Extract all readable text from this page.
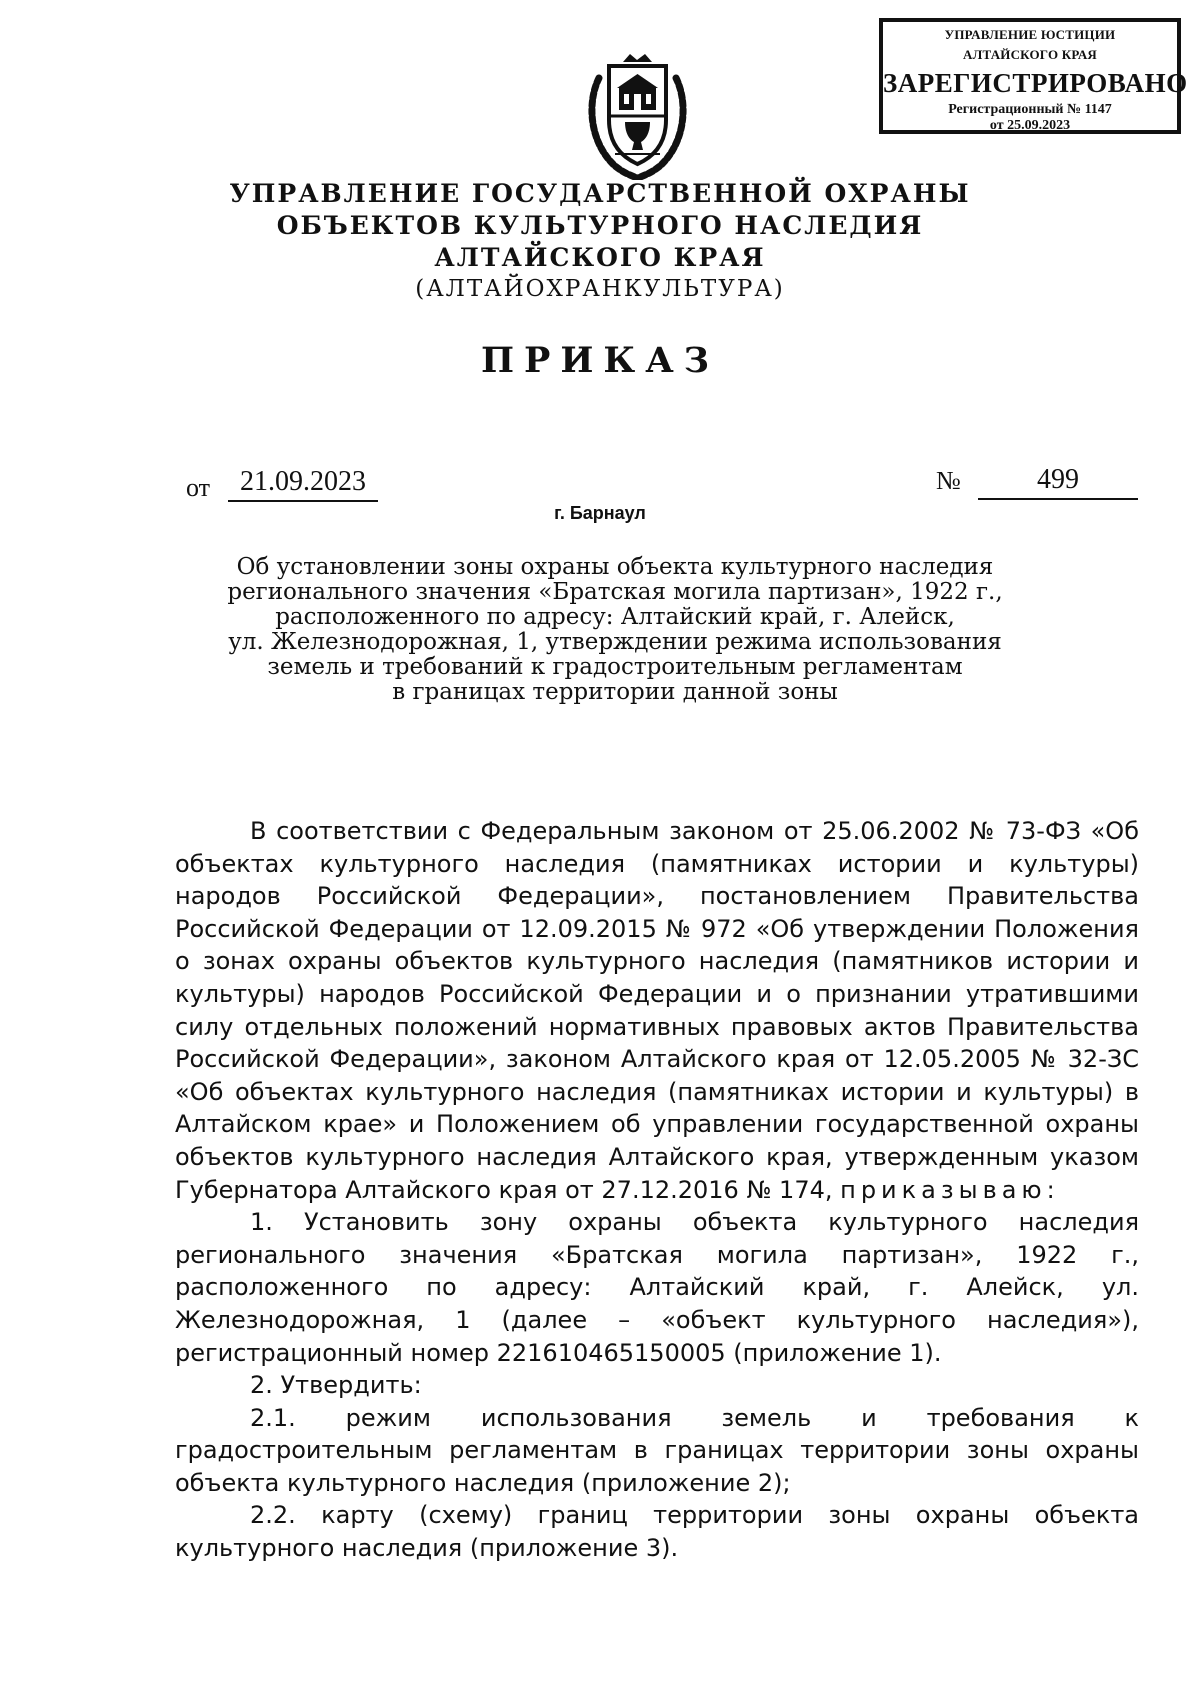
УПРАВЛЕНИЕ ЮСТИЦИИ
АЛТАЙСКОГО КРАЯ
ЗАРЕГИСТРИРОВАНО
Регистрационный № 1147
от 25.09.2023
УПРАВЛЕНИЕ ГОСУДАРСТВЕННОЙ ОХРАНЫ
ОБЪЕКТОВ КУЛЬТУРНОГО НАСЛЕДИЯ
АЛТАЙСКОГО КРАЯ
(АЛТАЙОХРАНКУЛЬТУРА)
ПРИКАЗ
от	21.09.2023	№	499
г. Барнаул
Об установлении зоны охраны объекта культурного наследия
регионального значения «Братская могила партизан», 1922 г.,
расположенного по адресу: Алтайский край, г. Алейск,
ул. Железнодорожная, 1, утверждении режима использования
земель и требований к градостроительным регламентам
в границах территории данной зоны

В соответствии с Федеральным законом от 25.06.2002 № 73-ФЗ «Об объектах культурного наследия (памятниках истории и культуры) народов Российской Федерации», постановлением Правительства Российской Федерации от 12.09.2015 № 972 «Об утверждении Положения о зонах охраны объектов культурного наследия (памятников истории и культуры) народов Российской Федерации и о признании утратившими силу отдельных положений нормативных правовых актов Правительства Российской Федерации», законом Алтайского края от 12.05.2005 № 32-ЗС «Об объектах культурного наследия (памятниках истории и культуры) в Алтайском крае» и Положением об управлении государственной охраны объектов культурного наследия Алтайского края, утвержденным указом Губернатора Алтайского края от 27.12.2016 № 174, приказываю:

1. Установить зону охраны объекта культурного наследия регионального значения «Братская могила партизан», 1922 г., расположенного по адресу: Алтайский край, г. Алейск, ул. Железнодорожная, 1 (далее – «объект культурного наследия»), регистрационный номер 221610465150005 (приложение 1).

2. Утвердить:

2.1. режим использования земель и требования к градостроительным регламентам в границах территории зоны охраны объекта культурного наследия (приложение 2);

2.2. карту (схему) границ территории зоны охраны объекта культурного наследия (приложение 3).
